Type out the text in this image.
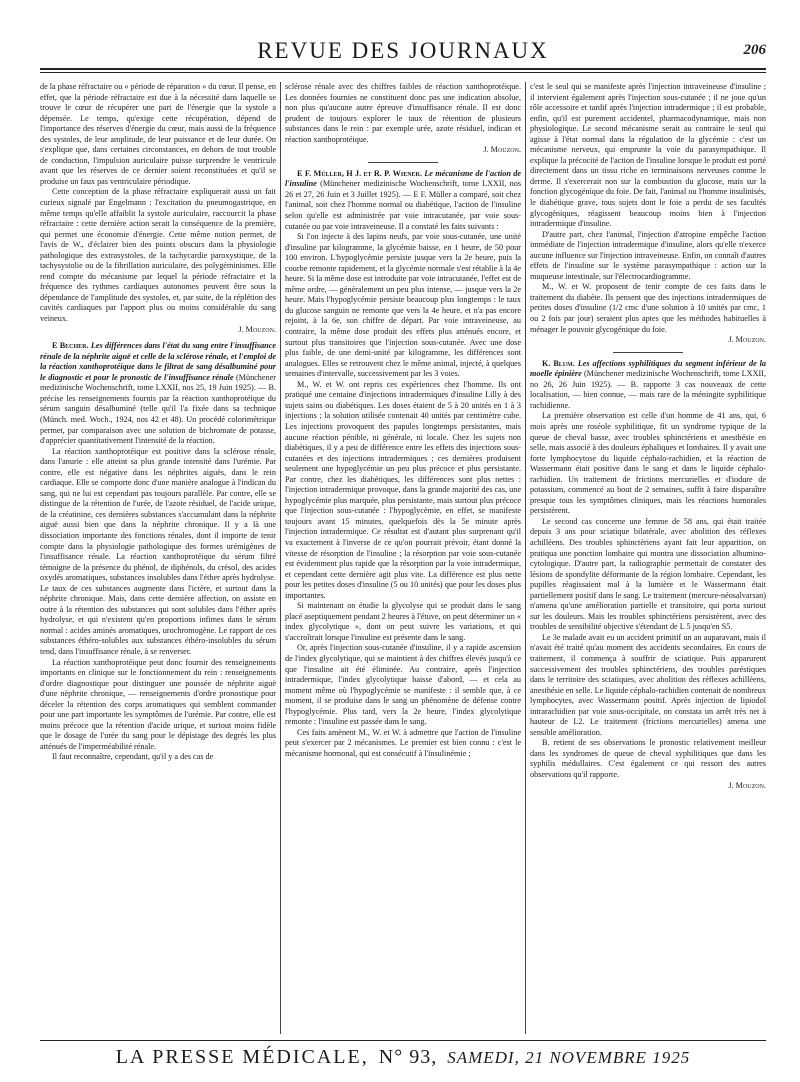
REVUE DES JOURNAUX	206

de la phase réfractaire ou « période de réparation » du cœur. Il pense, en effet, que la période réfractaire est due à la nécessité dans laquelle se trouve le cœur de récupérer une part de l'énergie que la systole a dépensée. Le temps, qu'exige cette récupération, dépend de l'importance des réserves d'énergie du cœur, mais aussi de la fréquence des systoles, de leur amplitude, de leur puissance et de leur durée. On s'explique que, dans certaines circonstances, en dehors de tout trouble de conduction, l'impulsion auriculaire puisse surprendre le ventricule avant que les réserves de ce dernier soient reconstituées et qu'il se produise un faux pas ventriculaire périodique.

Cette conception de la phase réfractaire expliquerait aussi un fait curieux signalé par Engelmann : l'excitation du pneumogastrique, en même temps qu'elle affaiblit la systole auriculaire, raccourcit la phase réfractaire : cette dernière action serait la conséquence de la première, qui permet une économie d'énergie. Cette même notion permet, de l'avis de W., d'éclairer bien des points obscurs dans la physiologie pathologique des extrasystoles, de la tachycardie paroxystique, de la tachysystolie ou de la fibrillation auriculaire, des polygéminismes. Elle rend compte du mécanisme par lequel la période réfractaire et la fréquence des rythmes cardiaques autonomes peuvent être sous la dépendance de l'amplitude des systoles, et, par suite, de la réplétion des cavités cardiaques par l'apport plus ou moins considérable du sang veineux.

J. Mouzon.

E Becher. Les différences dans l'état du sang entre l'insuffisance rénale de la néphrite aiguë et celle de la sclérose rénale, et l'emploi de la réaction xanthoprotéique dans le filtrat de sang désalbuminé pour le diagnostic et pour le pronostic de l'insuffisance rénale (Münchener medizinische Wochenschrift, tome LXXII, nos 25, 19 Juin 1925). — B. précise les renseignements fournis par la réaction xanthoprotéique du sérum sanguin désalbuminé (telle qu'il l'a fixée dans sa technique (Münch. med. Woch., 1924, nos 42 et 48). Un procédé colorimétrique permet, par comparaison avec une solution de bichromate de potasse, d'apprécier quantitativement l'intensité de la réaction.

La réaction xanthoprotéique est positive dans la sclérose rénale, dans l'anurie : elle atteint sa plus grande intensité dans l'urémie. Par contre, elle est négative dans les néphrites aiguës, dans le rein cardiaque. Elle se comporte donc d'une manière analogue à l'indican du sang, qui ne lui est cependant pas toujours parallèle. Par contre, elle se distingue de la rétention de l'urée, de l'azote résiduel, de l'acide urique, de la créatinine, ces dernières substances s'accumulant dans la néphrite aiguë aussi bien que dans la néphrite chronique. Il y a là une dissociation importante des fonctions rénales, dont il importe de tenir compte dans la physiologie pathologique des formes urémigènes de l'insuffisance rénale. La réaction xanthoprotéique du sérum filtré témoigne de la présence du phénol, de diphénols, du crésol, des acides oxydés aromatiques, substances insolubles dans l'éther après hydrolyse. Le taux de ces substances augmente dans l'ictère, et surtout dans la néphrite chronique. Mais, dans cette dernière affection, on assiste en outre à la rétention des substances qui sont solubles dans l'éther après hydrolyse, et qui n'existent qu'en proportions infimes dans le sérum normal : acides aminés aromatiques, urochromogène. Le rapport de ces substances éthéro-solubles aux substances éthéro-insolubles du sérum tend, dans l'insuffisance rénale, à se renverser.

La réaction xanthoprotéique peut donc fournir des renseignements importants en clinique sur le fonctionnement du rein : renseignements d'ordre diagnostique pour distinguer une poussée de néphrite aiguë d'une néphrite chronique, — renseignements d'ordre pronostique pour déceler la rétention des corps aromatiques qui semblent commander pour une part importante les symptômes de l'urémie. Par contre, elle est moins précoce que la rétention d'acide urique, et surtout moins fidèle que le dosage de l'urée du sang pour le dépistage des degrés les plus atténués de l'imperméabilité rénale.

Il faut reconnaître, cependant, qu'il y a des cas de

sclérose rénale avec des chiffres faibles de réaction xanthoprotéique. Les données fournies ne constituent donc pas une indication absolue, non plus qu'aucune autre épreuve d'insuffisance rénale. Il est donc prudent de toujours explorer le taux de rétention de plusieurs substances dans le rein : par exemple urée, azote résiduel, indican et réaction xanthoprotéique.

J. Mouzon.

E F. Müller, H J. et R. P. Wiener. Le mécanisme de l'action de l'insuline (Münchener medizinische Wochenschrift, tome LXXII, nos 26 et 27, 26 Juin et 3 Juillet 1925). — E F. Müller a comparé, soit chez l'animal, soit chez l'homme normal ou diabétique, l'action de l'insuline selon qu'elle est administrée par voie intracutanée, par voie sous-cutanée ou par voie intraveineuse. Il a constaté les faits suivants :

Si l'on injecte à des lapins neufs, par voie sous-cutanée, une unité d'insuline par kilogramme, la glycémie baisse, en 1 heure, de 50 pour 100 environ. L'hypoglycémie persiste jusque vers la 2e heure, puis la courbe remonte rapidement, et la glycémie normale s'est rétablie à la 4e heure. Si la même dose est introduite par voie intracutanée, l'effet est de même ordre, — généralement un peu plus intense, — jusque vers la 2e heure. Mais l'hypoglycémie persiste beaucoup plus longtemps : le taux du glucose sanguin ne remonte que vers la 4e heure, et n'a pas encore rejoint, à la 6e, son chiffre de départ. Par voie intraveineuse, au contraire, la même dose produit des effets plus atténués encore, et surtout plus transitoires que l'injection sous-cutanée. Avec une dose plus faible, de une demi-unité par kilogramme, les différences sont analogues. Elles se retrouvent chez le même animal, injecté, à quelques semaines d'intervalle, successivement par les 3 voies.

M., W. et W. ont repris ces expériences chez l'homme. Ils ont pratiqué une centaine d'injections intradermiques d'insuline Lilly à des sujets sains ou diabétiques. Les doses étaient de 5 à 20 unités en 1 à 3 injections ; la solution utilisée contenait 40 unités par centimètre cube. Les injections provoquent des papules longtemps persistantes, mais aucune réaction pénible, ni générale, ni locale. Chez les sujets non diabétiques, il y a peu de différence entre les effets des injections sous-cutanées et des injections intradermiques ; ces dernières produisent seulement une hypoglycémie un peu plus précoce et plus persistante. Par contre, chez les diabétiques, les différences sont plus nettes : l'injection intradermique provoque, dans la grande majorité des cas, une hypoglycémie plus marquée, plus persistante, mais surtout plus précoce que l'injection sous-cutanée : l'hypoglycémie, en effet, se manifeste toujours avant 15 minutes, quelquefois dès la 5e minute après l'injection intradermique. Ce résultat est d'autant plus surprenant qu'il va exactement à l'inverse de ce qu'on pourrait prévoir, étant donné la vitesse de résorption de l'insuline ; la résorption par voie sous-cutanée est évidemment plus rapide que la résorption par la voie intradermique, et cependant cette dernière agit plus vite. La différence est plus nette pour les petites doses d'insuline (5 ou 10 unités) que pour les doses plus importantes.

Si maintenant on étudie la glycolyse qui se produit dans le sang placé aseptiquement pendant 2 heures à l'étuve, on peut déterminer un « index glycolytique », dont on peut suivre les variations, et qui s'accroîtrait lorsque l'insuline est présente dans le sang.

Or, après l'injection sous-cutanée d'insuline, il y a rapide ascension de l'index glycolytique, qui se maintient à des chiffres élevés jusqu'à ce que l'insuline ait été éliminée. Au contraire, après l'injection intradermique, l'index glycolytique baisse d'abord, — et cela au moment même où l'hypoglycémie se manifeste : il semble que, à ce moment, il se produise dans le sang un phénomène de défense contre l'hypoglycémie. Plus tard, vers la 2e heure, l'index glycolytique remonte : l'insuline est passée dans le sang.

Ces faits amènent M., W. et W. à admettre que l'action de l'insuline peut s'exercer par 2 mécanismes. Le premier est bien connu : c'est le mécanisme hormonal, qui est consécutif à l'insulinémie ;

c'est le seul qui se manifeste après l'injection intraveineuse d'insuline ; il intervient également après l'injection sous-cutanée ; il ne joue qu'un rôle accessoire et tardif après l'injection intradermique ; il est probable, enfin, qu'il est purement accidentel, pharmacodynamique, mais non physiologique. Le second mécanisme serait au contraire le seul qui agisse à l'état normal dans la régulation de la glycémie : c'est un mécanisme nerveux, qui emprunte la voie du parasympathique. Il explique la précocité de l'action de l'insuline lorsque le produit est porté directement dans un tissu riche en terminaisons nerveuses comme le derme. Il s'exercerait non sur la combustion du glucose, mais sur la fonction glycogénique du foie. De fait, l'animal ou l'homme insulinisés, le diabétique grave, tous sujets dont le foie a perdu de ses facultés glycogéniques, réagissent beaucoup moins bien à l'injection intradermique d'insuline.

D'autre part, chez l'animal, l'injection d'atropine empêche l'action immédiate de l'injection intradermique d'insuline, alors qu'elle n'exerce aucune influence sur l'injection intraveineuse. Enfin, on connaît d'autres effets de l'insuline sur le système parasympathique : action sur la muqueuse intestinale, sur l'électrocardiogramme.

M., W. et W. proposent de tenir compte de ces faits dans le traitement du diabète. Ils pensent que des injections intradermiques de petites doses d'insuline (1/2 cmc d'une solution à 10 unités par cmc, 1 ou 2 fois par jour) seraient plus aptes que les méthodes habituelles à ménager le pouvoir glycogénique du foie.

J. Mouzon.

K. Blum. Les affections syphilitiques du segment inférieur de la moelle épinière (Münchener medizinische Wochenschrift, tome LXXII, no 26, 26 Juin 1925). — B. rapporte 3 cas nouveaux de cette localisation, — bien connue, — mais rare de la méningite syphilitique rachidienne.

La première observation est celle d'un homme de 41 ans, qui, 6 mois après une roséole syphilitique, fit un syndrome typique de la queue de cheval basse, avec troubles sphinctériens et anesthésie en selle, mais associé à des douleurs éphaliques et lombaires. Il y avait une forte lymphocytose du liquide céphalo-rachidien, et la réaction de Wassermann était positive dans le sang et dans le liquide céphalo-rachidien. Un traitement de frictions mercurielles et d'iodure de potassium, commencé au bout de 2 semaines, suffit à faire disparaître presque tous les symptômes cliniques, mais les réactions humorales persistèrent.

Le second cas concerne une femme de 58 ans, qui était traitée depuis 3 ans pour sciatique bilatérale, avec abolition des réflexes achilléens. Des troubles sphinctériens ayant fait leur apparition, on pratiqua une ponction lombaire qui montra une dissociation albumino-cytologique. D'autre part, la radiographie permettait de constater des lésions de spondylite déformante de la région lombaire. Cependant, les pupilles réagissaient mal à la lumière et le Wassermann était partiellement positif dans le sang. Le traitement (mercure-néosalvarsan) n'amena qu'une amélioration partielle et transitoire, qui porta surtout sur les douleurs. Mais les troubles sphinctériens persistèrent, avec des troubles de sensibilité objective s'étendant de L 5 jusqu'en S5.

Le 3e malade avait eu un accident primitif un an auparavant, mais il n'avait été traité qu'au moment des accidents secondaires. En cours de traitement, il commença à souffrir de sciatique. Puis apparurent successivement des troubles sphinctériens, des troubles paréstiques dans le territoire des sciatiques, avec abolition des réflexes achilléens, anesthésie en selle. Le liquide céphalo-rachidien contenait de nombreux lymphocytes, avec Wassermann positif. Après injection de lipiodol intrarachidien par voie sous-occipitale, on constata un arrêt très net à hauteur de L2. Le traitement (frictions mercurielles) amena une sensible amélioration.

B. retient de ses observations le pronostic relativement meilleur dans les syndromes de queue de cheval syphilitiques que dans les syphilis médullaires. C'est également ce qui ressort des autres observations qu'il rapporte.

J. Mouzon.

LA PRESSE MÉDICALE, N° 93, SAMEDI, 21 NOVEMBRE 1925
